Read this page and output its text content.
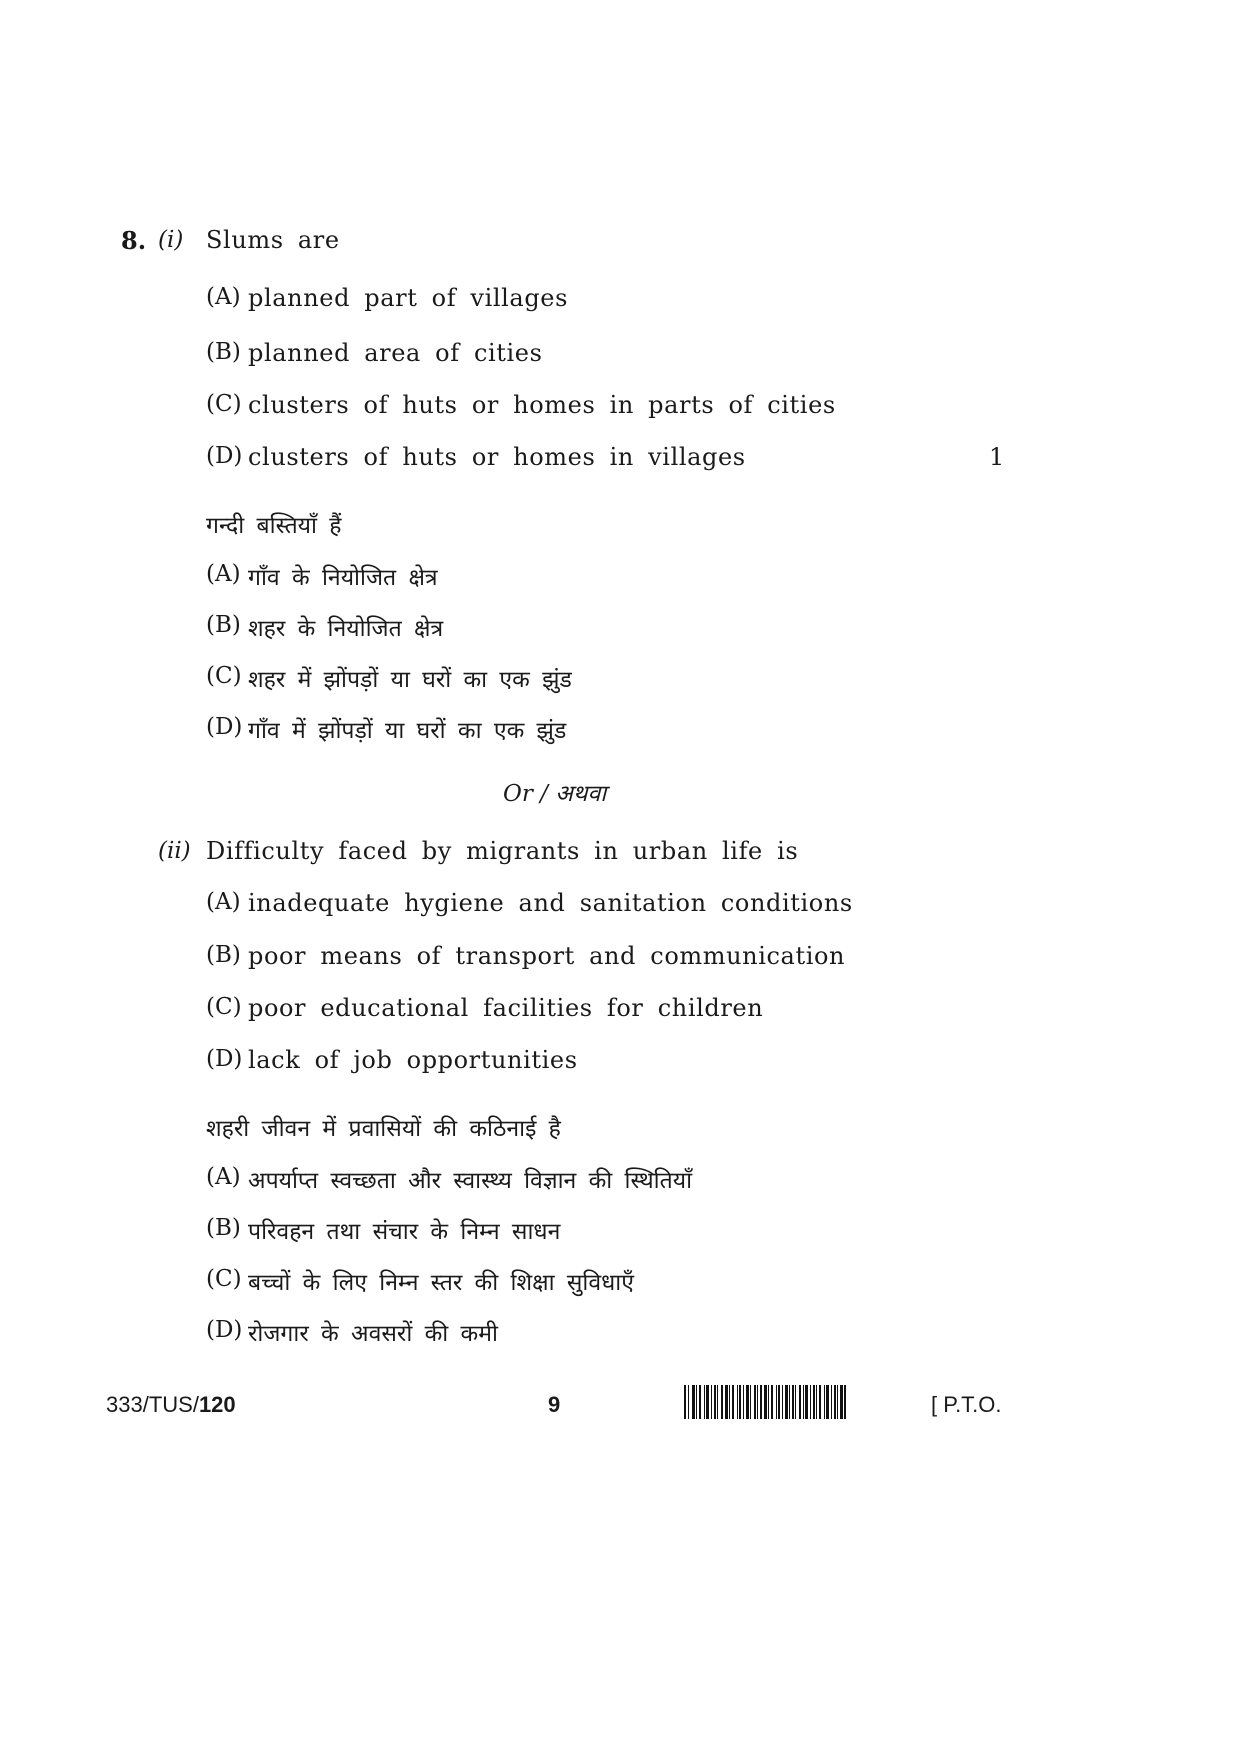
8. (i) Slums are
(A) planned part of villages
(B) planned area of cities
(C) clusters of huts or homes in parts of cities
(D) clusters of huts or homes in villages	1
गन्दी बस्तियाँ हैं
(A) गाँव के नियोजित क्षेत्र
(B) शहर के नियोजित क्षेत्र
(C) शहर में झोंपड़ों या घरों का एक झुंड
(D) गाँव में झोंपड़ों या घरों का एक झुंड
Or / अथवा
(ii) Difficulty faced by migrants in urban life is
(A) inadequate hygiene and sanitation conditions
(B) poor means of transport and communication
(C) poor educational facilities for children
(D) lack of job opportunities
शहरी जीवन में प्रवासियों की कठिनाई है
(A) अपर्याप्त स्वच्छता और स्वास्थ्य विज्ञान की स्थितियाँ
(B) परिवहन तथा संचार के निम्न साधन
(C) बच्चों के लिए निम्न स्तर की शिक्षा सुविधाएँ
(D) रोजगार के अवसरों की कमी
333/TUS/120	9	[ P.T.O.
